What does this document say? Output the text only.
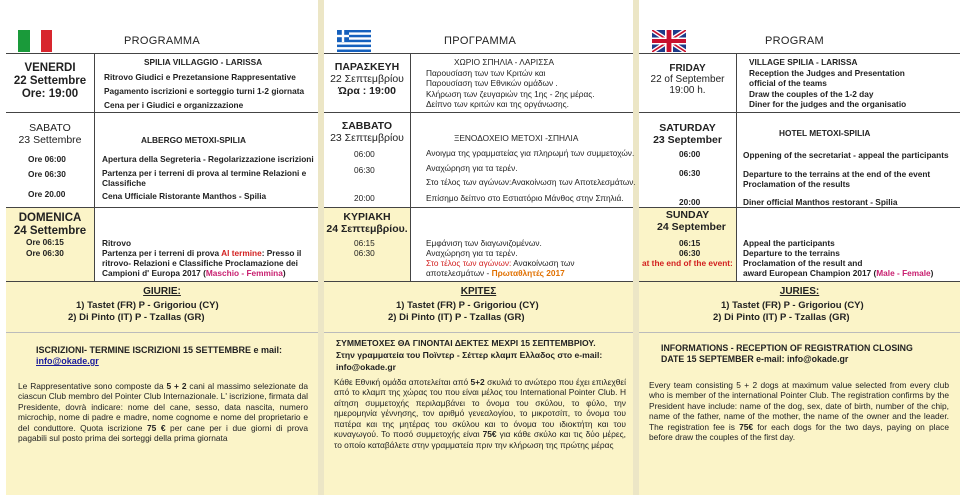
PROGRAMMA
VENERDI
22 Settembre
Ore: 19:00
SPILIA VILLAGGIO - LARISSA
Ritrovo Giudici e Prezetansione Rappresentative
Pagamento iscrizioni e sorteggio turni 1-2 giornata
Cena per i Giudici e organizzazione
SABATO
23 Settembre	ALBERGO METOXI-SPILIA
Ore 06:00
Ore 06:30
Ore 20.00
Apertura della Segreteria - Regolarizzazione iscrizioni
Partenza per i terreni di prova al termine Relazioni e
Classifiche
Cena Ufficiale Ristorante Manthos - Spilia
DOMENICA
24 Settembre
Ore 06:15
Ore 06:30
Ritrovo
Partenza per i terreni di prova Al termine: Presso il
ritrovo- Relazioni e Classifiche Proclamazione dei
Campioni d' Europa 2017 (Maschio - Femmina)
GIURIE:
1) Tastet (FR) P - Grigoriou (CY)
2) Di Pinto (IT) P - Tzallas (GR)
ISCRIZIONI- TERMINE ISCRIZIONI 15 SETTEMBRE e mail:
info@okade.gr
Le Rappresentative sono composte da 5 + 2 cani al massimo selezionate da ciascun Club membro del Pointer Club Internazionale. L' iscrizione, firmata dal Presidente, dovrà indicare: nome del cane, sesso, data nascita, numero microchip, nome di padre e madre, nome cognome e nome del proprietario e del conduttore. Quota iscrizione 75 € per cane per i due giorni di prova pagabili sul posto prima dei sorteggi della prima giornata
ΠΡΟΓΡΑΜΜΑ
ΠΑΡΑΣΚΕΥΗ
22 Σεπτεμβρίου
Ώρα : 19:00
ΧΩΡΙΟ ΣΠΗΛΙΑ - ΛΑΡΙΣΣΑ
Παρουσίαση των των Κριτών και
Παρουσίαση των Εθνικών ομάδων .
Κλήρωση των ζευγαριών της 1ης - 2ης μέρας.
Δείπνο των κριτών και της οργάνωσης.
ΣΑΒΒΑΤΟ
23 Σεπτεμβρίου	ΞΕΝΟΔΟΧΕΙΟ ΜΕΤΟΧΙ -ΣΠΗΛΙΑ
06:00
06:30
20:00
Ανοιγμα της γραμματείας για πληρωμή των συμμετοχών.
Αναχώρηση για τα τερέν.
Στο τέλος των αγώνων:Ανακοίνωση των Αποτελεσμάτων.
Επίσημο δείπνο στο Εστιατόριο Μάνθος στην Σπηλιά.
ΚΥΡΙΑΚΗ
24 Σεπτεμβρίου.
06:15
06:30
Εμφάνιση των διαγωνιζομένων.
Αναχώρηση για τα τερέν.
Στο τέλος των αγώνων: Ανακοίνωση των
αποτελεσμάτων - Πρωταθλητές 2017
ΚΡΙΤΕΣ
1) Tastet (FR) P - Grigoriou (CY)
2) Di Pinto (IT) P - Tzallas (GR)
ΣΥΜΜΕΤΟΧΕΣ ΘΑ ΓΙΝΟΝΤΑΙ ΔΕΚΤΕΣ ΜΕΧΡΙ 15 ΣΕΠΤΕΜΒΡΙΟΥ.
Στην γραμματεία του Ποϊντερ - Σέττερ κλαμπ Ελλαδος στο e-mail:
info@okade.gr
Κάθε Εθνική ομάδα αποτελείται από 5+2 σκυλιά το ανώτερο που έχει επιλεχθεί από το κλαμπ της χώρας του που είναι μέλος του International Pointer Club. Η αίτηση συμμετοχής περιλαμβάνει το όνομα του σκύλου, το φύλο, την ημερομηνία γέννησης, τον αριθμό γενεαλογίου, το μικροτσίπ, το όνομα του πατέρα και της μητέρας του σκύλου και το όνομα του ιδιοκτήτη και του κυναγωγού. Το ποσό συμμετοχής είναι 75€ για κάθε σκύλο και τις δύο μέρες, το οποίο καταβάλετε στην γραμματεία πριν την κλήρωση της πρώτης μέρας
PROGRAM
FRIDAY
22 of September
19:00 h.
VILLAGE SPILIA - LARISSA
Reception the Judges and Presentation
official of the teams
Draw the couples of the 1-2 day
Diner for the judges and the organisatio
SATURDAY
23 September
HOTEL METOXI-SPILIA
06:00
06:30
20:00
Oppening of the secretariat - appeal the participants
Departure to the terrains at the end of the event
Proclamation of the results
Diner official Manthos restorant - Spilia
SUNDAY
24 September
06:15
06:30
at the end of the event:
Appeal the participants
Departure to the terrains
Proclamation of the result and
award European Champion 2017 (Male - Female)
JURIES:
1) Tastet (FR) P - Grigoriou (CY)
2) Di Pinto (IT) P - Tzallas (GR)
INFORMATIONS - RECEPTION OF REGISTRATION CLOSING
DATE 15 SEPTEMBER e-mail: info@okade.gr
Every team consisting 5 + 2 dogs at maximum value selected from every club who is member of the international Pointer Club. The registration confirms by the President have include: name of the dog, sex, date of birth, number of the chip, name of the father, name of the mother, the name of the owner and the leader. The registration fee is 75€ for each dogs for the two days, paying on place before draw the couples of the first day.
